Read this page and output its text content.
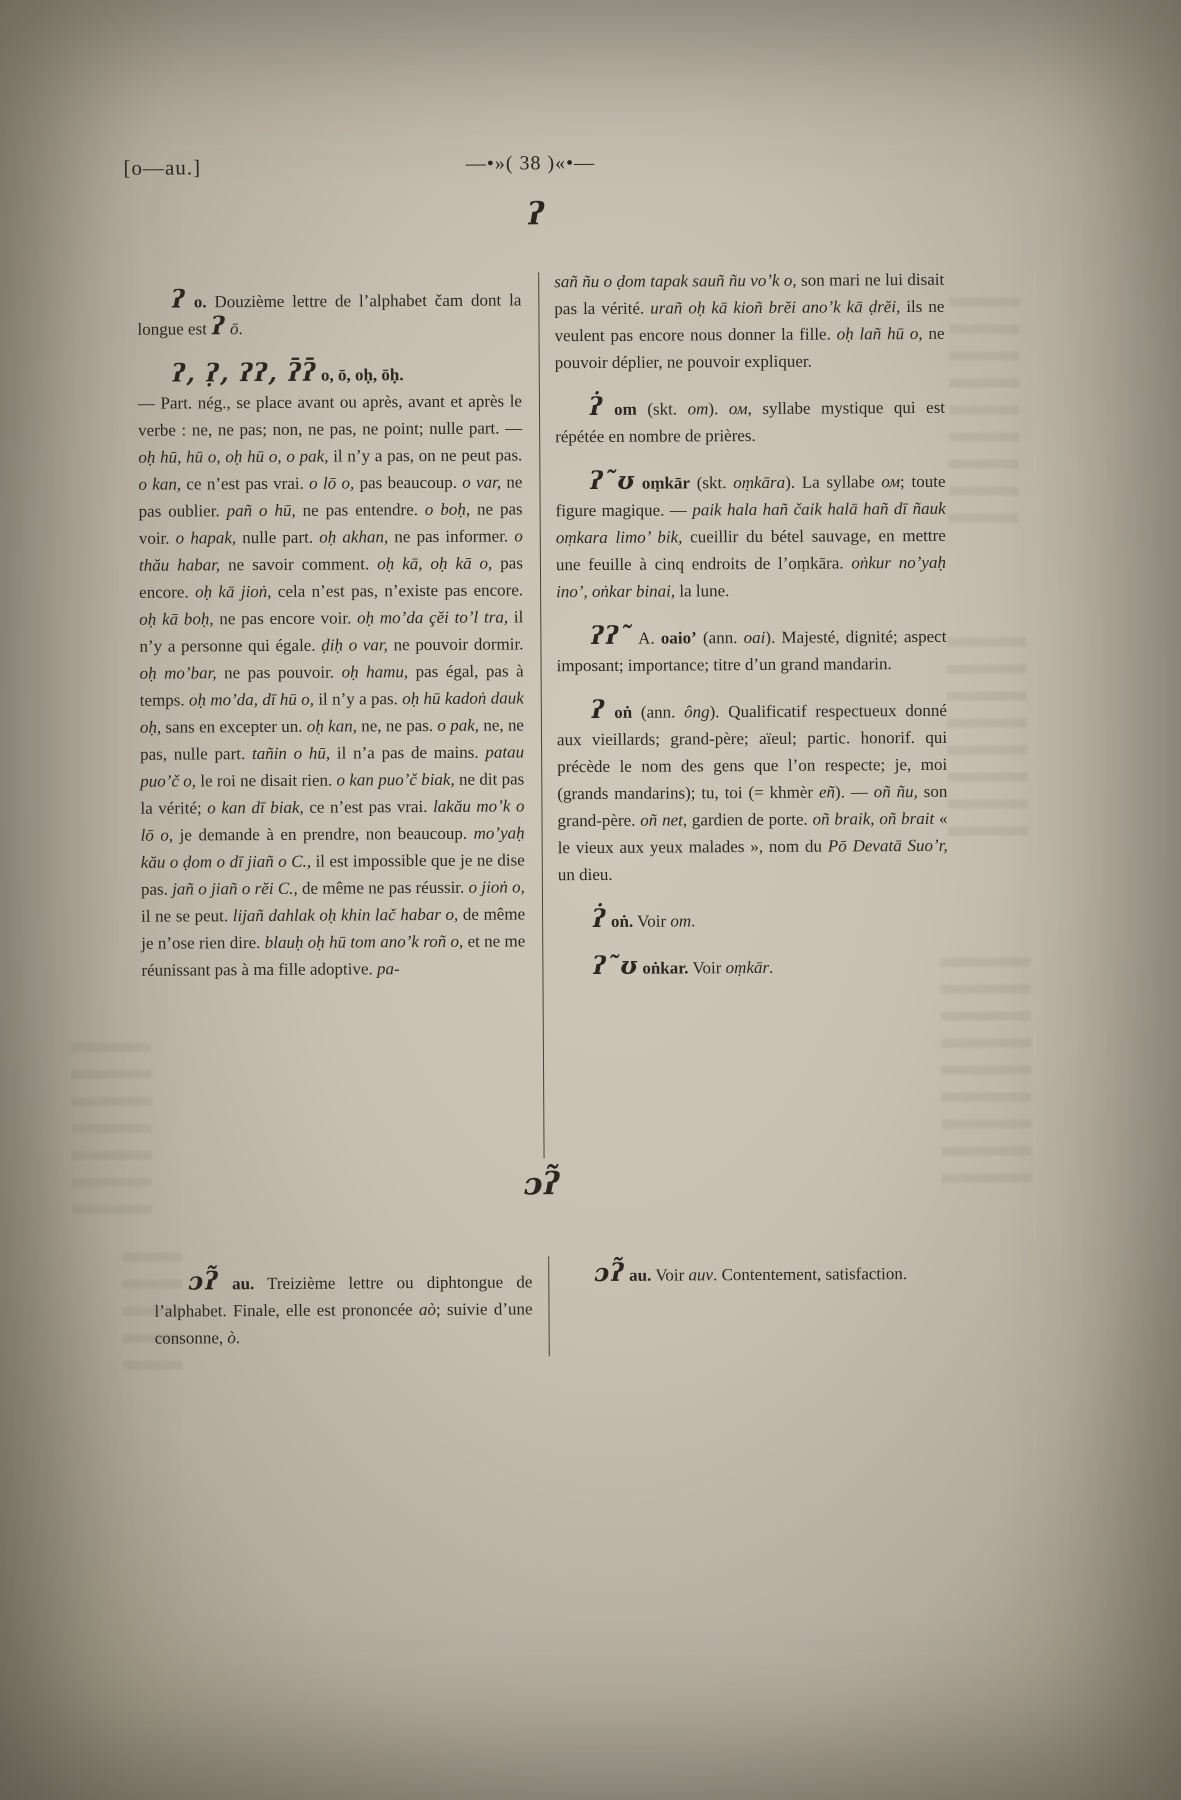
[o—au.]	—•»( 38 )«•—
ʔ

ʔ o. Douzième lettre de l’alphabet čam dont la longue est ʔ ō.

ʔ, ʔ̣, ʔʔ, ʔ̄ʔ̄ o, ō, oḥ, ōḥ.

— Part. nég., se place avant ou après, avant et après le verbe : ne, ne pas; non, ne pas, ne point; nulle part. — oḥ hū, hū o, oḥ hū o, o pak, il n’y a pas, on ne peut pas. o kan, ce n’est pas vrai. o lō o, pas beaucoup. o var, ne pas oublier. pañ o hū, ne pas entendre. o boḥ, ne pas voir. o hapak, nulle part. oḥ akhan, ne pas informer. o thău habar, ne savoir comment. oḥ kā, oḥ kā o, pas encore. oḥ kā jioṅ, cela n’est pas, n’existe pas encore. oḥ kā boḥ, ne pas encore voir. oḥ mo’da çĕi to’l tra, il n’y a personne qui égale. ḍiḥ o var, ne pouvoir dormir. oḥ mo’bar, ne pas pouvoir. oḥ hamu, pas égal, pas à temps. oḥ mo’da, dī hū o, il n’y a pas. oḥ hū kadoṅ dauk oḥ, sans en excepter un. oḥ kan, ne, ne pas. o pak, ne, ne pas, nulle part. tañin o hū, il n’a pas de mains. patau puo’č o, le roi ne disait rien. o kan puo’č biak, ne dit pas la vérité; o kan dī biak, ce n’est pas vrai. lakău mo’k o lō o, je demande à en prendre, non beaucoup. mo’yaḥ kău o ḍom o dī jiañ o C., il est impossible que je ne dise pas. jañ o jiañ o rĕi C., de même ne pas réussir. o jioṅ o, il ne se peut. lijañ dahlak oḥ khin lač habar o, de même je n’ose rien dire. blauḥ oḥ hū tom ano’k roñ o, et ne me réunissant pas à ma fille adoptive. pa-

sañ ñu o ḍom tapak sauñ ñu vo’k o, son mari ne lui disait pas la vérité. urañ oḥ kā kioñ brĕi ano’k kā ḍrĕi, ils ne veulent pas encore nous donner la fille. oḥ lañ hū o, ne pouvoir déplier, ne pouvoir expliquer.

ʔ̇ om (skt. om). ом, syllabe mystique qui est répétée en nombre de prières.

ʔ˜ʊ oṃkār (skt. oṃkāra). La syllabe ом; toute figure magique. — paik hala hañ čaik halā hañ dī ñauk oṃkara limo’ bik, cueillir du bétel sauvage, en mettre une feuille à cinq endroits de l’oṃkāra. oṅkur no’yaḥ ino’, oṅkar binai, la lune.

ʔʔ˜ A. oaio’ (ann. oai). Majesté, dignité; aspect imposant; importance; titre d’un grand mandarin.

ʔ oṅ (ann. ông). Qualificatif respectueux donné aux vieillards; grand-père; aïeul; partic. honorif. qui précède le nom des gens que l’on respecte; je, moi (grands mandarins); tu, toi (= khmèr eñ). — oñ ñu, son grand-père. oñ net, gardien de porte. oñ braik, oñ brait « le vieux aux yeux malades », nom du Pō Devatā Suo’r, un dieu.

ʔ̇ oṅ. Voir om.

ʔ˜ʊ oṅkar. Voir oṃkār.

ɔʔ̃

ɔʔ̃ au. Treizième lettre ou diphtongue de l’alphabet. Finale, elle est prononcée aò; suivie d’une consonne, ò.

ɔʔ̃ au. Voir auv. Contentement, satisfaction.
